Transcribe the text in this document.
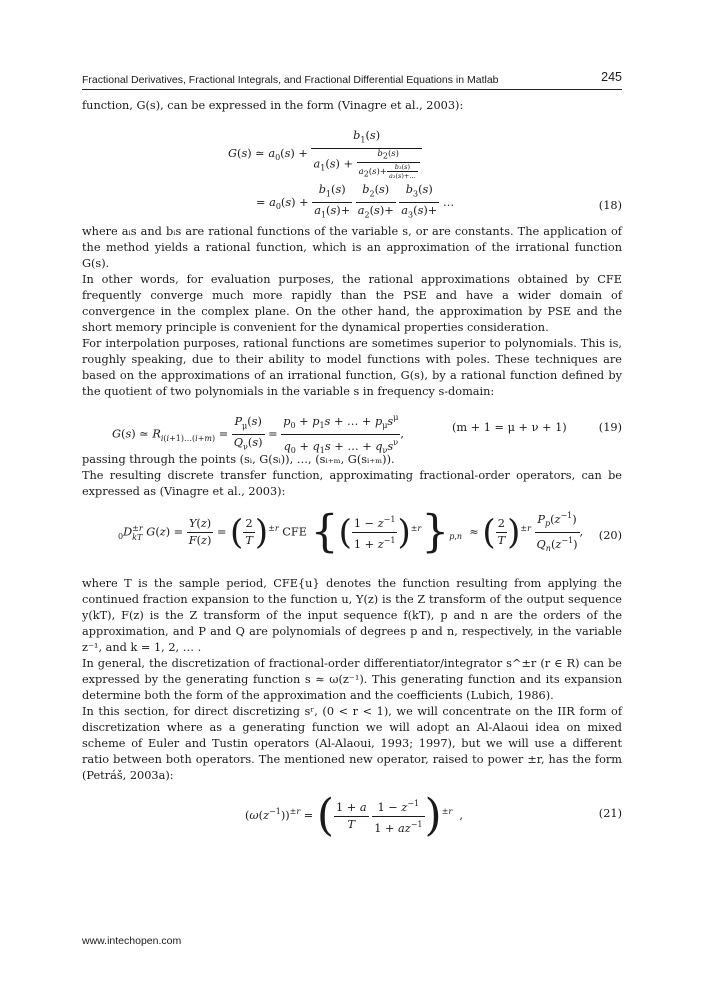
Fractional Derivatives, Fractional Integrals, and Fractional Differential Equations in Matlab	245

function, G(s), can be expressed in the form (Vinagre et al., 2003):

G(s) ≃ $a_0(s)$ +
$b_1(s)$
$a_1(s) + \frac{b2(s)}{a2(s)+ \frac{\text{b₃(s)}}{\text{a₃(s)+…}}}$
= $a_0(s) + \frac{b_1(s)}{a_1(s)+}$
$\frac{b_2(s)}{a_2(s)+}$
$\frac{b_3(s)}{a_3(s)+}$ …	(18)

where aᵢs and bᵢs are rational functions of the variable s, or are constants. The application of the method yields a rational function, which is an approximation of the irrational function G(s).

In other words, for evaluation purposes, the rational approximations obtained by CFE frequently converge much more rapidly than the PSE and have a wider domain of convergence in the complex plane. On the other hand, the approximation by PSE and the short memory principle is convenient for the dynamical properties consideration.

For interpolation purposes, rational functions are sometimes superior to polynomials. This is, roughly speaking, due to their ability to model functions with poles. These techniques are based on the approximations of an irrational function, G(s), by a rational function defined by the quotient of two polynomials in the variable s in frequency s-domain:

G(s) ≃ $R_{i(i+1)\dots(i+m)} = \frac{P_\mu(s)}{Q_\nu(s)} = \frac{p_0 + p_1s + \dots + p_\mu s^\mu}{q_0 + q_1s + \dots + q_\nu s^\nu}$ ,
(m + 1 = μ + ν + 1)	(19)

passing through the points (sᵢ, G(sᵢ)), …, (sᵢ₊ₘ, G(sᵢ₊ₘ)).

The resulting discrete transfer function, approximating fractional-order operators, can be expressed as (Vinagre et al., 2003):

$_0$D ±r
kT $G(z) = \frac{Y(z)}{F(z)}$ = ( $\frac{2}{T} )^{\pm r}$ CFE {( $\frac{1 - z^{-1}}{1 + z^{-1}} )^{\pm r}\}_{p,n}$  ≈ ( $\frac{2}{T} )^{\pm r} \frac{P_p(z^{-1})}{Q_n(z^{-1})}$ , (20)

where T is the sample period, CFE{u} denotes the function resulting from applying the continued fraction expansion to the function u, Y(z) is the Z transform of the output sequence y(kT), F(z) is the Z transform of the input sequence f(kT), p and n are the orders of the approximation, and P and Q are polynomials of degrees p and n, respectively, in the variable z⁻¹, and k = 1, 2, … .

In general, the discretization of fractional-order differentiator/integrator s^±r (r ∈ R) can be expressed by the generating function s ≈ ω(z⁻¹). This generating function and its expansion determine both the form of the approximation and the coefficients (Lubich, 1986).

In this section, for direct discretizing sʳ, (0 < r < 1), we will concentrate on the IIR form of discretization where as a generating function we will adopt an Al-Alaoui idea on mixed scheme of Euler and Tustin operators (Al-Alaoui, 1993; 1997), but we will use a different ratio between both operators. The mentioned new operator, raised to power ±r, has the form (Petráš, 2003a):

$(\omega(z^{-1}))^{\pm r}$ = ( $\frac{1 + a}{T}$
$\frac{1 - z^{-1}}{1 + az^{-1}} )^{\pm r}$  ,	(21)
www.intechopen.com
